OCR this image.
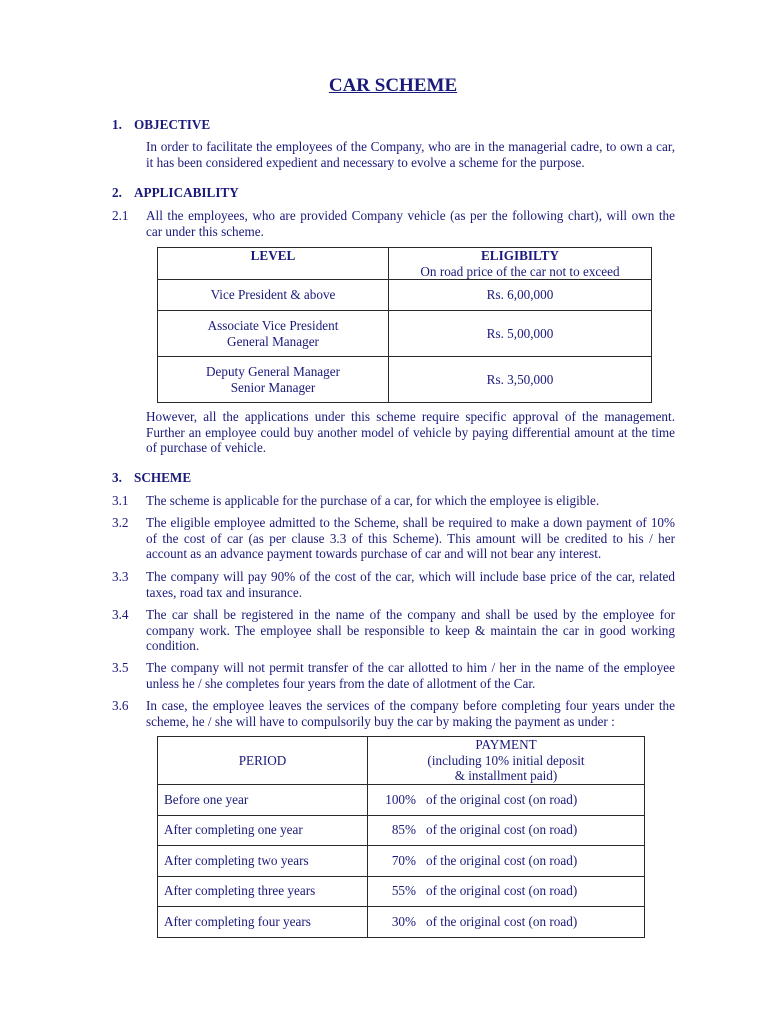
CAR SCHEME
1. OBJECTIVE
In order to facilitate the employees of the Company, who are in the managerial cadre, to own a car, it has been considered expedient and necessary to evolve a scheme for the purpose.
2. APPLICABILITY
2.1 All the employees, who are provided Company vehicle (as per the following chart), will own the car under this scheme.
LEVEL	ELIGIBILTY
On road price of the car not to exceed

Vice President & above	Rs. 6,00,000

Associate Vice President
General Manager	Rs. 5,00,000

Deputy General Manager
Senior Manager	Rs. 3,50,000
However, all the applications under this scheme require specific approval of the management. Further an employee could buy another model of vehicle by paying differential amount at the time of purchase of vehicle.
3. SCHEME
3.1 The scheme is applicable for the purchase of a car, for which the employee is eligible.
3.2 The eligible employee admitted to the Scheme, shall be required to make a down payment of 10% of the cost of car (as per clause 3.3 of this Scheme). This amount will be credited to his / her account as an advance payment towards purchase of car and will not bear any interest.
3.3 The company will pay 90% of the cost of the car, which will include base price of the car, related taxes, road tax and insurance.
3.4 The car shall be registered in the name of the company and shall be used by the employee for company work. The employee shall be responsible to keep & maintain the car in good working condition.
3.5 The company will not permit transfer of the car allotted to him / her in the name of the employee unless he / she completes four years from the date of allotment of the Car.
3.6 In case, the employee leaves the services of the company before completing four years under the scheme, he / she will have to compulsorily buy the car by making the payment as under :
PERIOD	PAYMENT
(including 10% initial deposit
& installment paid)

Before one year	100% of the original cost (on road)
After completing one year	85% of the original cost (on road)
After completing two years	70% of the original cost (on road)
After completing three years	55% of the original cost (on road)
After completing four years	30% of the original cost (on road)
